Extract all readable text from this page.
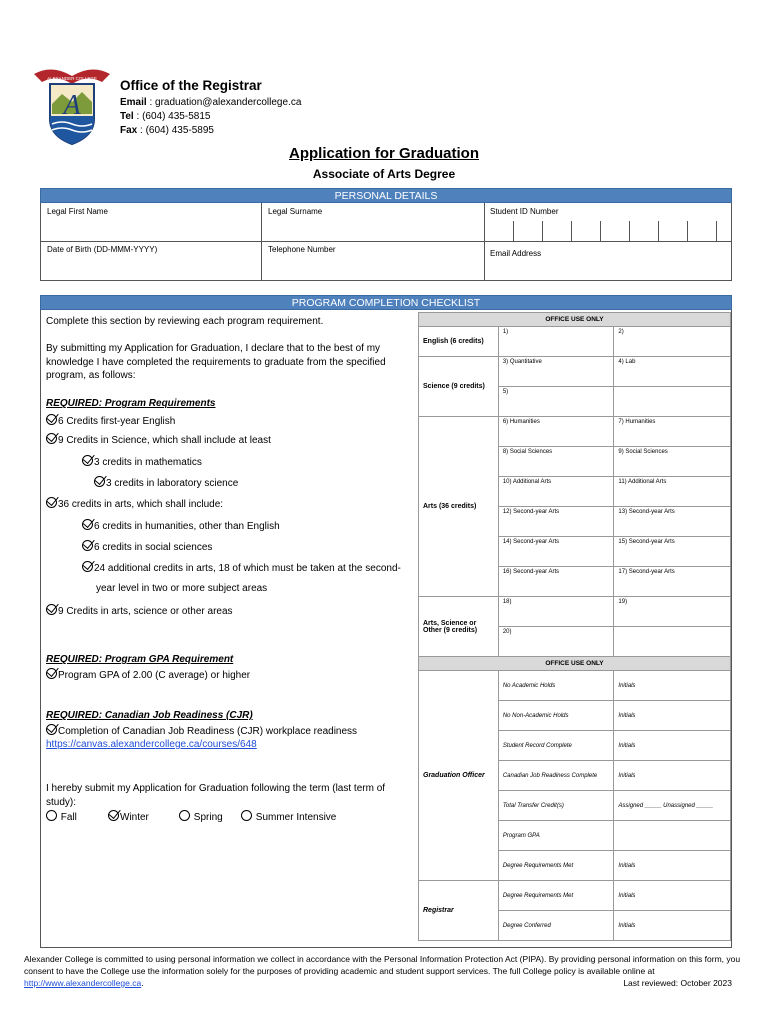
A
ALEXANDER COLLEGE Office of the Registrar
Email : graduation@alexandercollege.ca
Tel : (604) 435-5815
Fax : (604) 435-5895
Application for Graduation
Associate of Arts Degree
PERSONAL DETAILS
Legal First Name	Legal Surname	Student ID Number
Date of Birth (DD-MMM-YYYY)	Telephone Number	Email Address
PROGRAM COMPLETION CHECKLIST
Complete this section by reviewing each program requirement.
By submitting my Application for Graduation, I declare that to the best of my knowledge I have completed the requirements to graduate from the specified program, as follows:
REQUIRED: Program Requirements
6 Credits first-year English
9 Credits in Science, which shall include at least
3 credits in mathematics
3 credits in laboratory science
36 credits in arts, which shall include:
6 credits in humanities, other than English
6 credits in social sciences
24 additional credits in arts, 18 of which must be taken at the second-
year level in two or more subject areas
9 Credits in arts, science or other areas
REQUIRED: Program GPA Requirement
Program GPA of 2.00 (C average) or higher
REQUIRED: Canadian Job Readiness (CJR)
Completion of Canadian Job Readiness (CJR) workplace readiness
https://canvas.alexandercollege.ca/courses/648
I hereby submit my Application for Graduation following the term (last term of study):
Fall	Winter	Spring	Summer Intensive
OFFICE USE ONLY		
English (6 credits)	1)	2)
Science (9 credits)	3) Quantitative	4) Lab
	5)	
Arts (36 credits)	6) Humanities	7) Humanities
	8) Social Sciences	9) Social Sciences
	10) Additional Arts	11) Additional Arts
	12) Second-year Arts	13) Second-year Arts
	14) Second-year Arts	15) Second-year Arts
	16) Second-year Arts	17) Second-year Arts
Arts, Science or Other (9 credits)	18)	19)
	20)	
OFFICE USE ONLY		
Graduation Officer	No Academic Holds	Initials
	No Non-Academic Holds	Initials
	Student Record Complete	Initials
	Canadian Job Readiness Complete	Initials
	Total Transfer Credit(s)	Assigned _____ Unassigned _____
	Program GPA	
	Degree Requirements Met	Initials
Registrar	Degree Requirements Met	Initials
	Degree Conferred	Initials
Alexander College is committed to using personal information we collect in accordance with the Personal Information Protection Act (PIPA). By providing personal information on this form, you consent to have the College use the information solely for the purposes of providing academic and student support services. The full College policy is available online at http://www.alexandercollege.ca.	Last reviewed: October 2023
